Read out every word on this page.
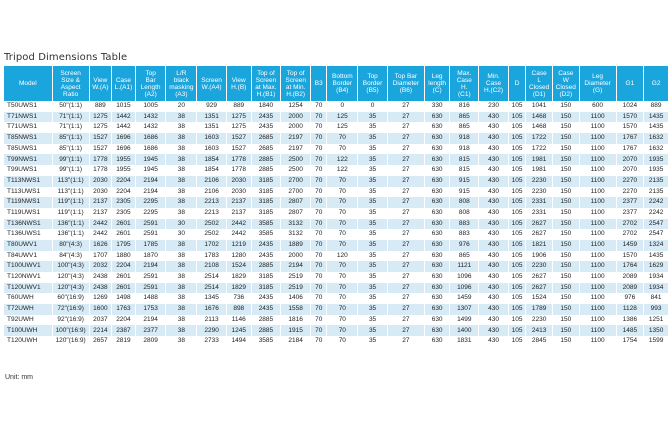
Tripod Dimensions Table
Model	Screen
Size &
Aspect
Ratio	View
W.(A)	Case
L.(A1)	Top
Bar
Length
(A2)	L/R
black
masking
(A3)	Screen
W.(A4)	View
H.(B)	Top of
Screen
at Max.
H.(B1)	Top of
Screen
at Min.
H.(B2)	B3	Bottom
Border
(B4)	Top
Border
(B5)	Top Bar
Diameter
(B6)	Leg
length
(C)	Max.
Case
H.
(C1)	Min.
Case
H.(C2)	D	Case
L
Closed
(D1)	Case
W
Closed
(D2)	Leg
Diameter
(G)	G1	G2
T50UWS1	50"(1:1)	889	1015	1005	20	929	889	1840	1254	70	0	0	27	330	816	230	105	1041	150	600	1024	889
T71NWS1	71"(1:1)	1275	1442	1432	38	1351	1275	2435	2000	70	125	35	27	630	865	430	105	1468	150	1100	1570	1435
T71UWS1	71"(1:1)	1275	1442	1432	38	1351	1275	2435	2000	70	125	35	27	630	865	430	105	1468	150	1100	1570	1435
T85NWS1	85"(1:1)	1527	1696	1686	38	1603	1527	2685	2197	70	70	35	27	630	918	430	105	1722	150	1100	1767	1632
T85UWS1	85"(1:1)	1527	1696	1686	38	1603	1527	2685	2197	70	70	35	27	630	918	430	105	1722	150	1100	1767	1632
T99NWS1	99"(1:1)	1778	1955	1945	38	1854	1778	2885	2500	70	122	35	27	630	815	430	105	1981	150	1100	2070	1935
T99UWS1	99"(1:1)	1778	1955	1945	38	1854	1778	2885	2500	70	122	35	27	630	815	430	105	1981	150	1100	2070	1935
T113NWS1	113"(1:1)	2030	2204	2194	38	2106	2030	3185	2700	70	70	35	27	630	915	430	105	2230	150	1100	2270	2135
T113UWS1	113"(1:1)	2030	2204	2194	38	2106	2030	3185	2700	70	70	35	27	630	915	430	105	2230	150	1100	2270	2135
T119NWS1	119"(1:1)	2137	2305	2295	38	2213	2137	3185	2807	70	70	35	27	630	808	430	105	2331	150	1100	2377	2242
T119UWS1	119"(1:1)	2137	2305	2295	38	2213	2137	3185	2807	70	70	35	27	630	808	430	105	2331	150	1100	2377	2242
T136NWS1	136"(1:1)	2442	2601	2591	30	2502	2442	3585	3132	70	70	35	27	630	883	430	105	2627	150	1100	2702	2547
T136UWS1	136"(1:1)	2442	2601	2591	30	2502	2442	3585	3132	70	70	35	27	630	883	430	105	2627	150	1100	2702	2547
T80UWV1	80"(4:3)	1626	1795	1785	38	1702	1219	2435	1889	70	70	35	27	630	976	430	105	1821	150	1100	1459	1324
T84UWV1	84"(4:3)	1707	1880	1870	38	1783	1280	2435	2000	70	120	35	27	630	865	430	105	1906	150	1100	1570	1435
T100UWV1	100"(4:3)	2032	2204	2194	38	2108	1524	2885	2194	70	70	35	27	630	1121	430	105	2230	150	1100	1764	1629
T120NWV1	120"(4:3)	2438	2601	2591	38	2514	1829	3185	2519	70	70	35	27	630	1096	430	105	2627	150	1100	2089	1934
T120UWV1	120"(4:3)	2438	2601	2591	38	2514	1829	3185	2519	70	70	35	27	630	1096	430	105	2627	150	1100	2089	1934
T60UWH	60"(16:9)	1269	1498	1488	38	1345	736	2435	1406	70	70	35	27	630	1459	430	105	1524	150	1100	976	841
T72UWH	72"(16:9)	1600	1763	1753	38	1676	898	2435	1558	70	70	35	27	630	1307	430	105	1789	150	1100	1128	993
T92UWH	92"(16:9)	2037	2204	2194	38	2113	1146	2885	1816	70	70	35	27	630	1499	430	105	2230	150	1100	1386	1251
T100UWH	100"(16:9)	2214	2387	2377	38	2290	1245	2885	1915	70	70	35	27	630	1400	430	105	2413	150	1100	1485	1350
T120UWH	120"(16:9)	2657	2819	2809	38	2733	1494	3585	2184	70	70	35	27	630	1831	430	105	2845	150	1100	1754	1599
Unit: mm
